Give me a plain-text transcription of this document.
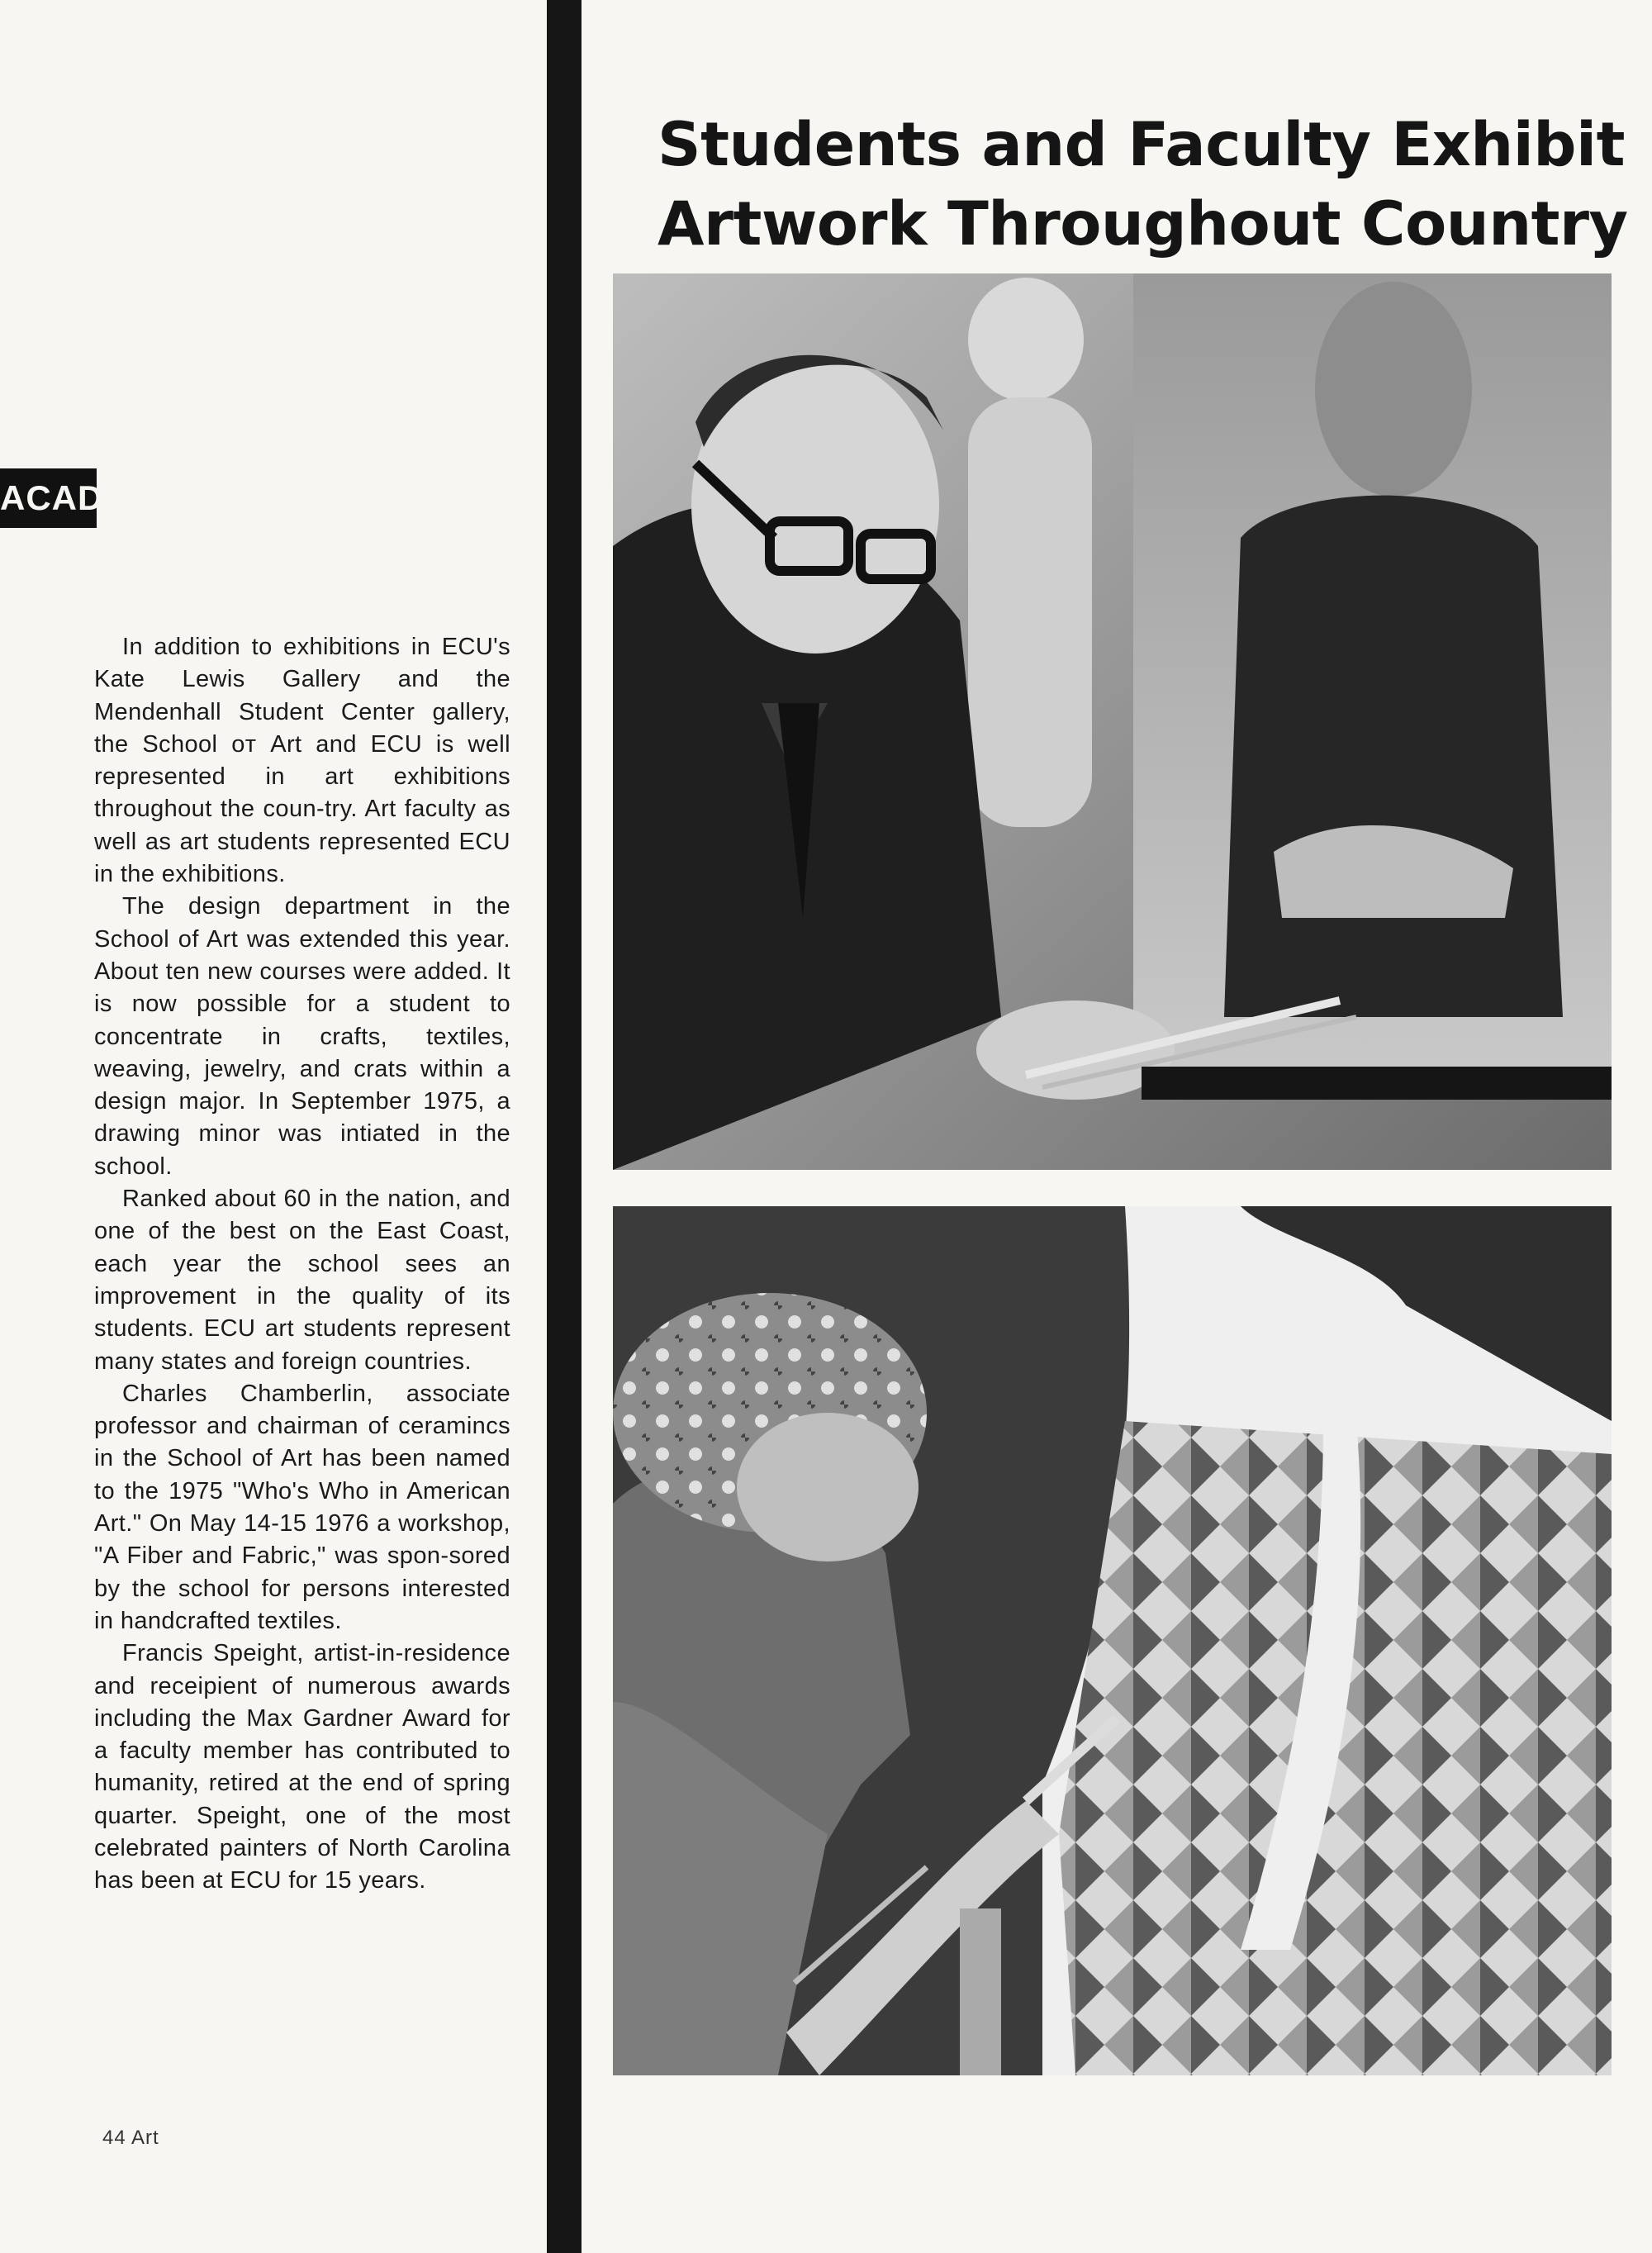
ACAD.
Students and Faculty Exhibit
Artwork Throughout Country

In addition to exhibitions in ECU's Kate Lewis Gallery and the Mendenhall Student Center gallery, the School oт Art and ECU is well represented in art exhibitions throughout the coun-try. Art faculty as well as art students represented ECU in the exhibitions.

The design department in the School of Art was extended this year. About ten new courses were added. It is now possible for a student to concentrate in crafts, textiles, weaving, jewelry, and crats within a design major. In September 1975, a drawing minor was intiated in the school.

Ranked about 60 in the nation, and one of the best on the East Coast, each year the school sees an improvement in the quality of its students. ECU art students represent many states and foreign countries.

Charles Chamberlin, associate professor and chairman of ceramincs in the School of Art has been named to the 1975 "Who's Who in American Art." On May 14-15 1976 a workshop, "A Fiber and Fabric," was spon-sored by the school for persons interested in handcrafted textiles.

Francis Speight, artist-in-residence and receipient of numerous awards including the Max Gardner Award for a faculty member has contributed to humanity, retired at the end of spring quarter. Speight, one of the most celebrated painters of North Carolina has been at ECU for 15 years.

44 Art
